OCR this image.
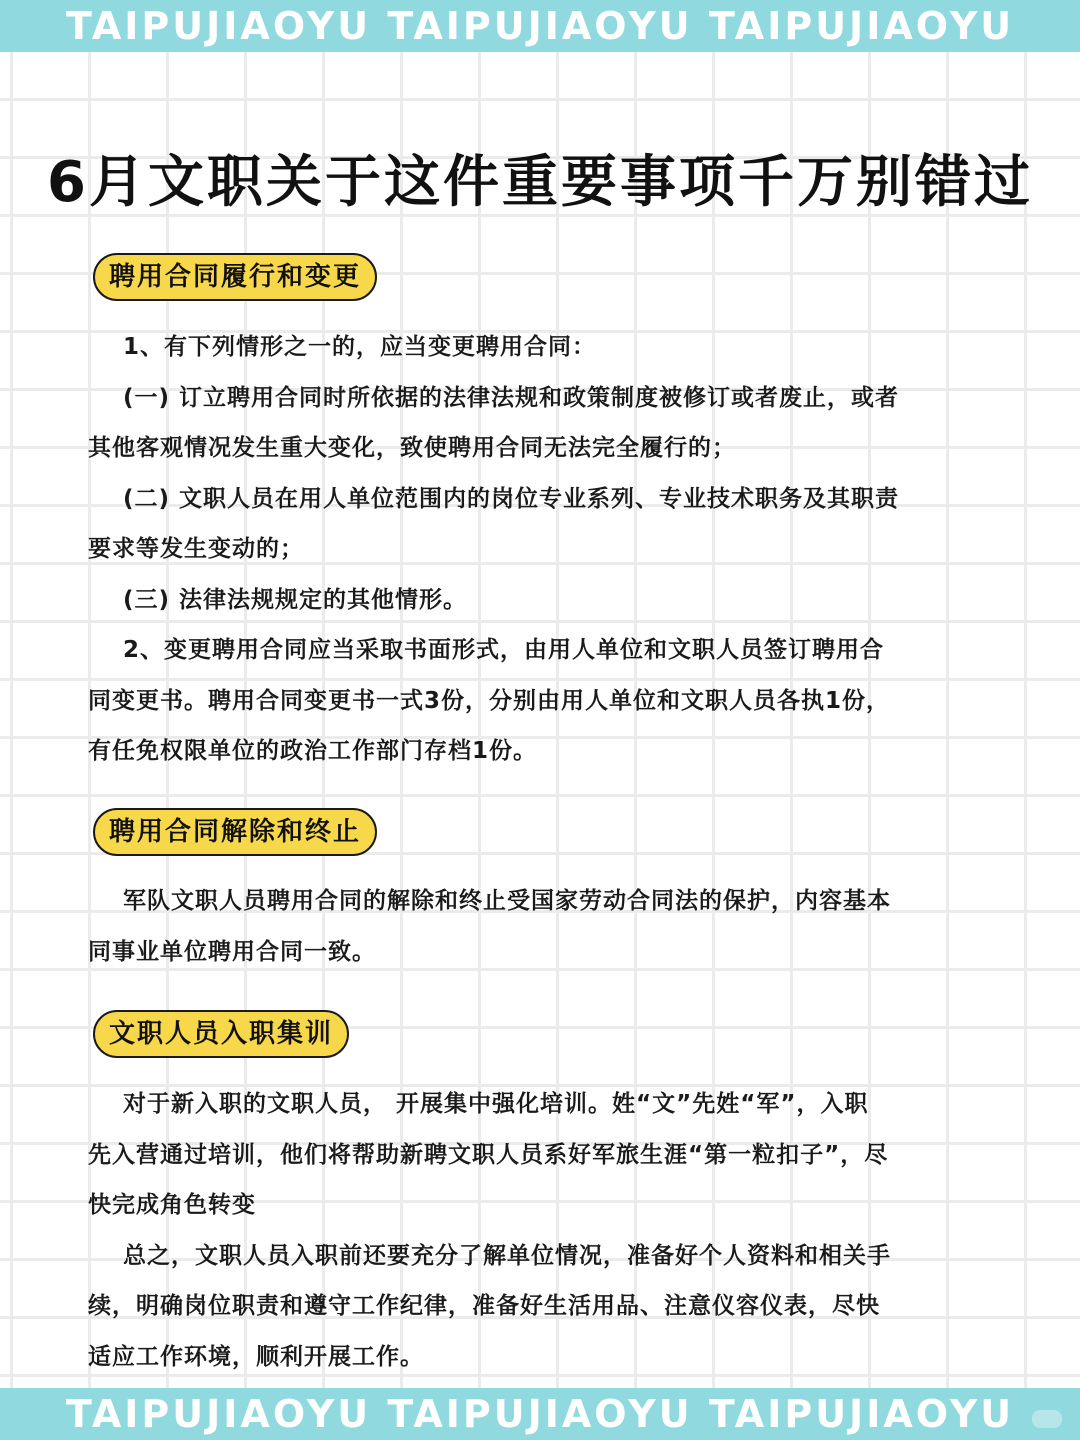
TAIPUJIAOYU TAIPUJIAOYU TAIPUJIAOYU
6月文职关于这件重要事项千万别错过
聘用合同履行和变更
1、有下列情形之一的，应当变更聘用合同：
(一) 订立聘用合同时所依据的法律法规和政策制度被修订或者废止，或者
其他客观情况发生重大变化，致使聘用合同无法完全履行的；
(二) 文职人员在用人单位范围内的岗位专业系列、专业技术职务及其职责
要求等发生变动的；
(三) 法律法规规定的其他情形。
2、变更聘用合同应当采取书面形式，由用人单位和文职人员签订聘用合
同变更书。聘用合同变更书一式3份，分别由用人单位和文职人员各执1份，
有任免权限单位的政治工作部门存档1份。
聘用合同解除和终止
军队文职人员聘用合同的解除和终止受国家劳动合同法的保护，内容基本
同事业单位聘用合同一致。
文职人员入职集训
对于新入职的文职人员， 开展集中强化培训。姓“文”先姓“军”，入职
先入营通过培训，他们将帮助新聘文职人员系好军旅生涯“第一粒扣子”，尽
快完成角色转变
总之，文职人员入职前还要充分了解单位情况，准备好个人资料和相关手
续，明确岗位职责和遵守工作纪律，准备好生活用品、注意仪容仪表，尽快
适应工作环境，顺利开展工作。
TAIPUJIAOYU TAIPUJIAOYU TAIPUJIAOYU
